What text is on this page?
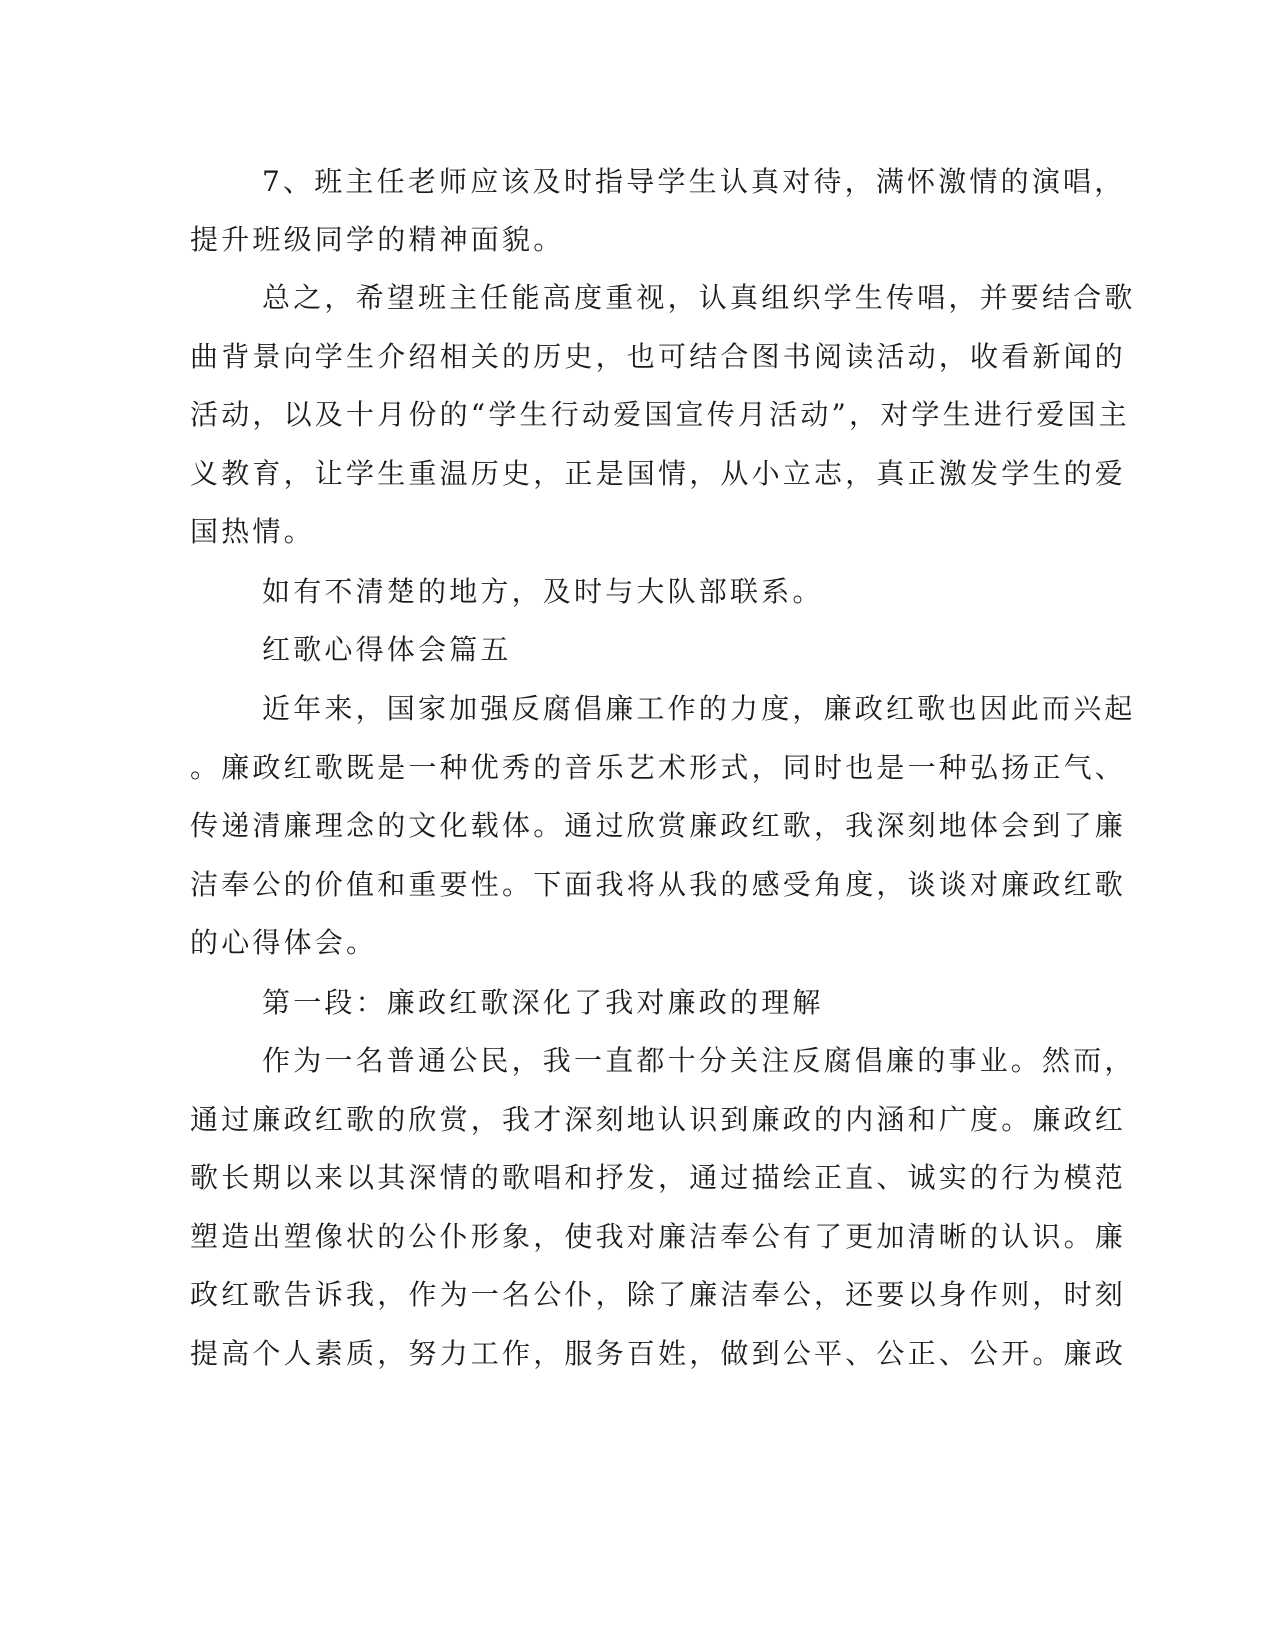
7、班主任老师应该及时指导学生认真对待，满怀激情的演唱，
提升班级同学的精神面貌。
总之，希望班主任能高度重视，认真组织学生传唱，并要结合歌
曲背景向学生介绍相关的历史，也可结合图书阅读活动，收看新闻的
活动，以及十月份的“学生行动爱国宣传月活动”，对学生进行爱国主
义教育，让学生重温历史，正是国情，从小立志，真正激发学生的爱
国热情。
如有不清楚的地方，及时与大队部联系。
红歌心得体会篇五
近年来，国家加强反腐倡廉工作的力度，廉政红歌也因此而兴起
。廉政红歌既是一种优秀的音乐艺术形式，同时也是一种弘扬正气、
传递清廉理念的文化载体。通过欣赏廉政红歌，我深刻地体会到了廉
洁奉公的价值和重要性。下面我将从我的感受角度，谈谈对廉政红歌
的心得体会。
第一段：廉政红歌深化了我对廉政的理解
作为一名普通公民，我一直都十分关注反腐倡廉的事业。然而，
通过廉政红歌的欣赏，我才深刻地认识到廉政的内涵和广度。廉政红
歌长期以来以其深情的歌唱和抒发，通过描绘正直、诚实的行为模范
塑造出塑像状的公仆形象，使我对廉洁奉公有了更加清晰的认识。廉
政红歌告诉我，作为一名公仆，除了廉洁奉公，还要以身作则，时刻
提高个人素质，努力工作，服务百姓，做到公平、公正、公开。廉政
